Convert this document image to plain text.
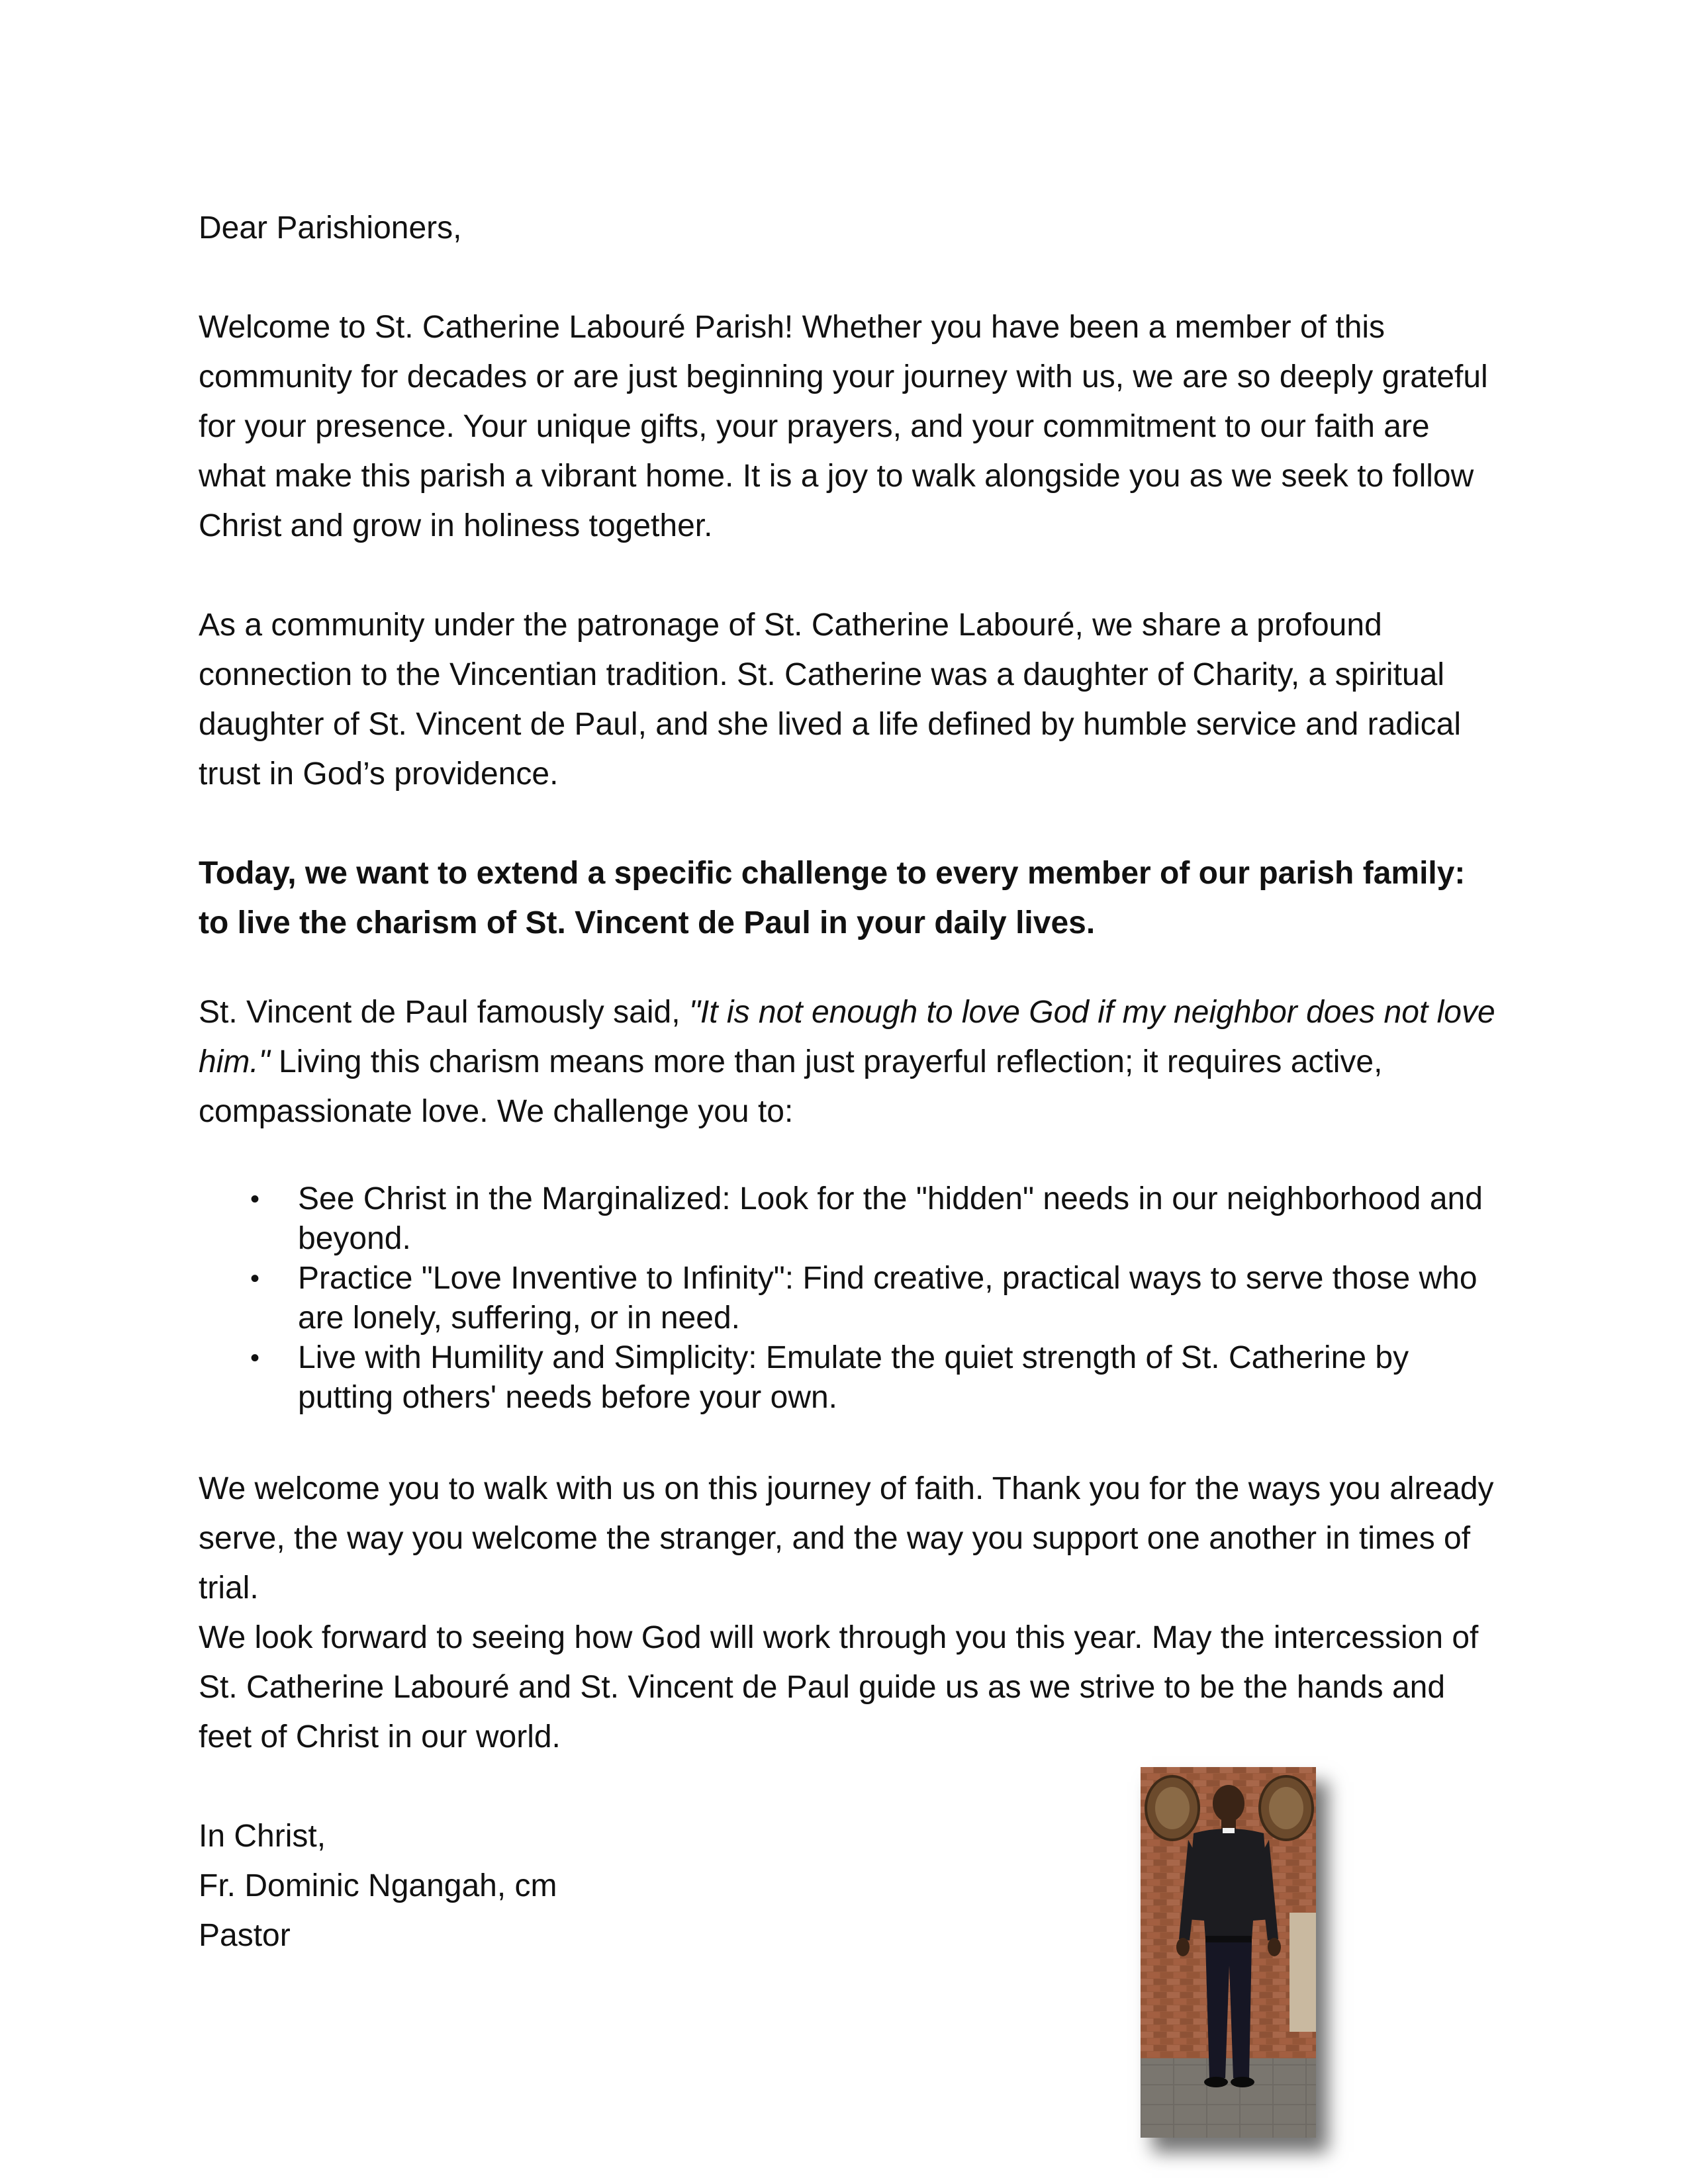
Dear Parishioners,

Welcome to St. Catherine Labouré Parish! Whether you have been a member of this community for decades or are just beginning your journey with us, we are so deeply grateful for your presence. Your unique gifts, your prayers, and your commitment to our faith are what make this parish a vibrant home. It is a joy to walk alongside you as we seek to follow Christ and grow in holiness together.

As a community under the patronage of St. Catherine Labouré, we share a profound connection to the Vincentian tradition. St. Catherine was a daughter of Charity, a spiritual daughter of St. Vincent de Paul, and she lived a life defined by humble service and radical trust in God’s providence.

Today, we want to extend a specific challenge to every member of our parish family: to live the charism of St. Vincent de Paul in your daily lives.

St. Vincent de Paul famously said, "It is not enough to love God if my neighbor does not love him." Living this charism means more than just prayerful reflection; it requires active, compassionate love. We challenge you to:

• See Christ in the Marginalized: Look for the "hidden" needs in our neighborhood and beyond.
• Practice "Love Inventive to Infinity": Find creative, practical ways to serve those who are lonely, suffering, or in need.
• Live with Humility and Simplicity: Emulate the quiet strength of St. Catherine by putting others' needs before your own.

We welcome you to walk with us on this journey of faith. Thank you for the ways you already serve, the way you welcome the stranger, and the way you support one another in times of trial.

We look forward to seeing how God will work through you this year. May the intercession of St. Catherine Labouré and St. Vincent de Paul guide us as we strive to be the hands and feet of Christ in our world.

In Christ,
Fr. Dominic Ngangah, cm
Pastor
